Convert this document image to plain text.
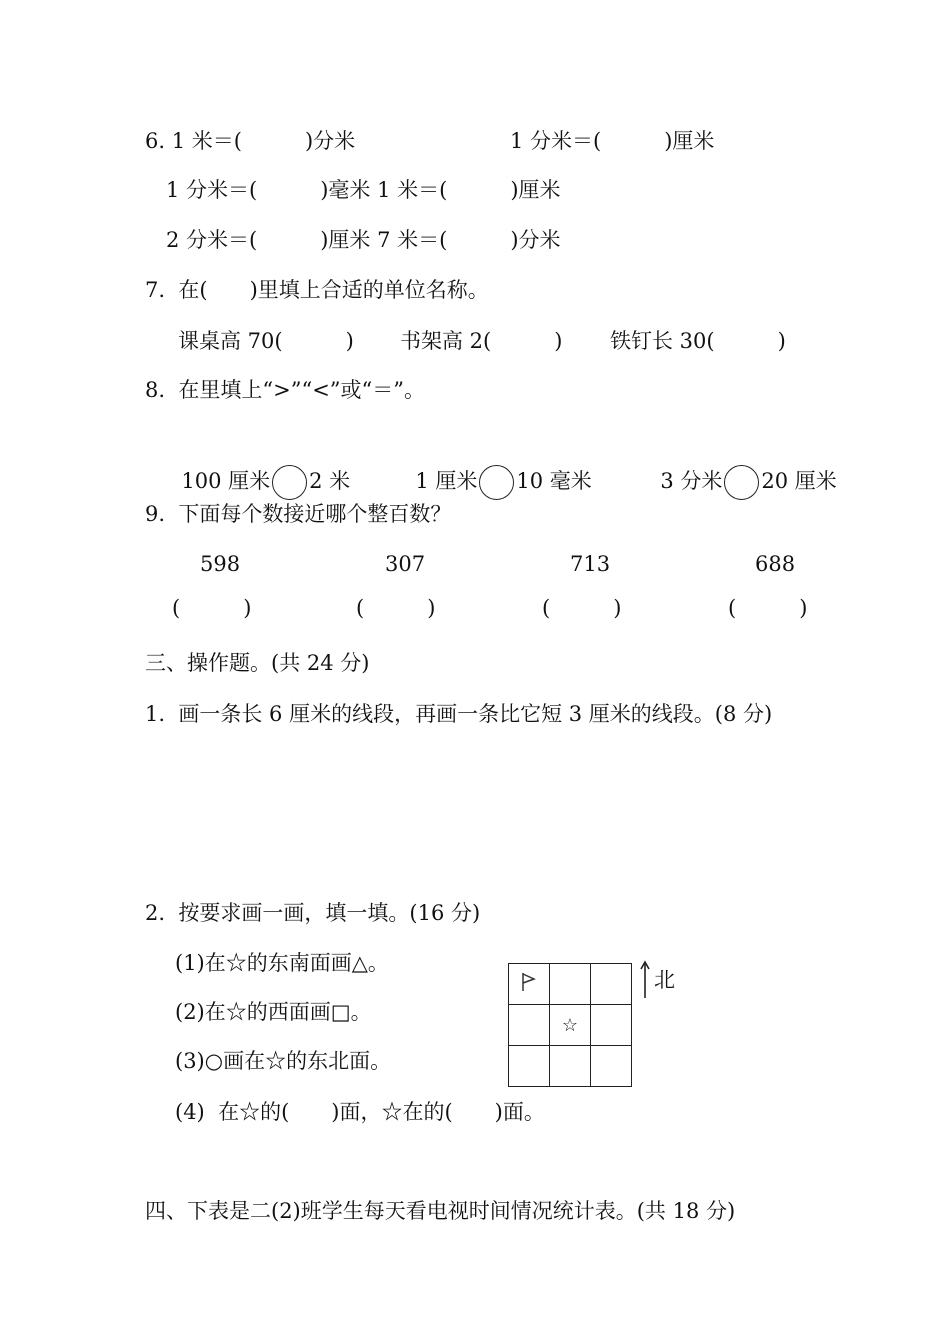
6. 1 米＝(　　　)分米	1 分米＝(　　　)厘米
1 分米＝(　　　)毫米 1 米＝(　　　)厘米
2 分米＝(　　　)厘米 7 米＝(　　　)分米
7.  在(　　)里填上合适的单位名称。
课桌高 70(　　　) 书架高 2(　　　) 铁钉长 30(　　　)
8.  在里填上“>”“<”或“＝”。

100 厘米 2 米	1 厘米 10 毫米	3 分米 20 厘米

9.  下面每个数接近哪个整百数？
598	307	713	688
(　　　)	(　　　)	(　　　)	(　　　)
三、操作题。(共 24 分)
1.  画一条长 6 厘米的线段，再画一条比它短 3 厘米的线段。(8 分)
2.  按要求画一画，填一填。(16 分)
(1)在☆的东南面画△。
(2)在☆的西面画□。
(3)○画在☆的东北面。
(4)  在☆的(　　)面，☆在的(　　)面。

	☆	

北
四、下表是二(2)班学生每天看电视时间情况统计表。(共 18 分)
